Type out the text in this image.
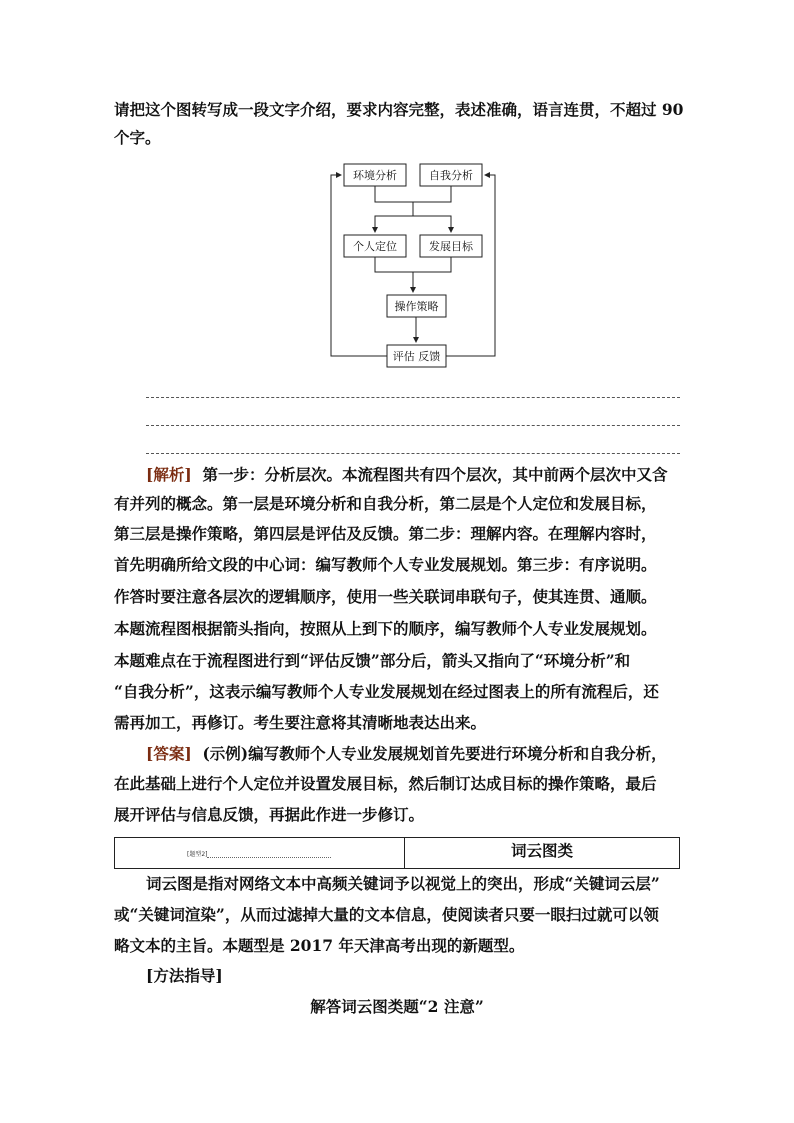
请把这个图转写成一段文字介绍，要求内容完整，表述准确，语言连贯，不超过 90
个字。
环境分析	自我分析
个人定位	发展目标
操作策略
评估 反馈
[解析] 第一步：分析层次。本流程图共有四个层次，其中前两个层次中又含
有并列的概念。第一层是环境分析和自我分析，第二层是个人定位和发展目标，
第三层是操作策略，第四层是评估及反馈。第二步：理解内容。在理解内容时，
首先明确所给文段的中心词：编写教师个人专业发展规划。第三步：有序说明。
作答时要注意各层次的逻辑顺序，使用一些关联词串联句子，使其连贯、通顺。
本题流程图根据箭头指向，按照从上到下的顺序，编写教师个人专业发展规划。
本题难点在于流程图进行到“评估反馈”部分后，箭头又指向了“环境分析”和
“自我分析”，这表示编写教师个人专业发展规划在经过图表上的所有流程后，还
需再加工，再修订。考生要注意将其清晰地表达出来。
[答案] (示例)编写教师个人专业发展规划首先要进行环境分析和自我分析，
在此基础上进行个人定位并设置发展目标，然后制订达成目标的操作策略，最后
展开评估与信息反馈，再据此作进一步修订。
[题型2]	词云图类
词云图是指对网络文本中高频关键词予以视觉上的突出，形成“关键词云层”
或“关键词渲染”，从而过滤掉大量的文本信息，使阅读者只要一眼扫过就可以领
略文本的主旨。本题型是 2017 年天津高考出现的新题型。
[方法指导]
解答词云图类题“2 注意”
